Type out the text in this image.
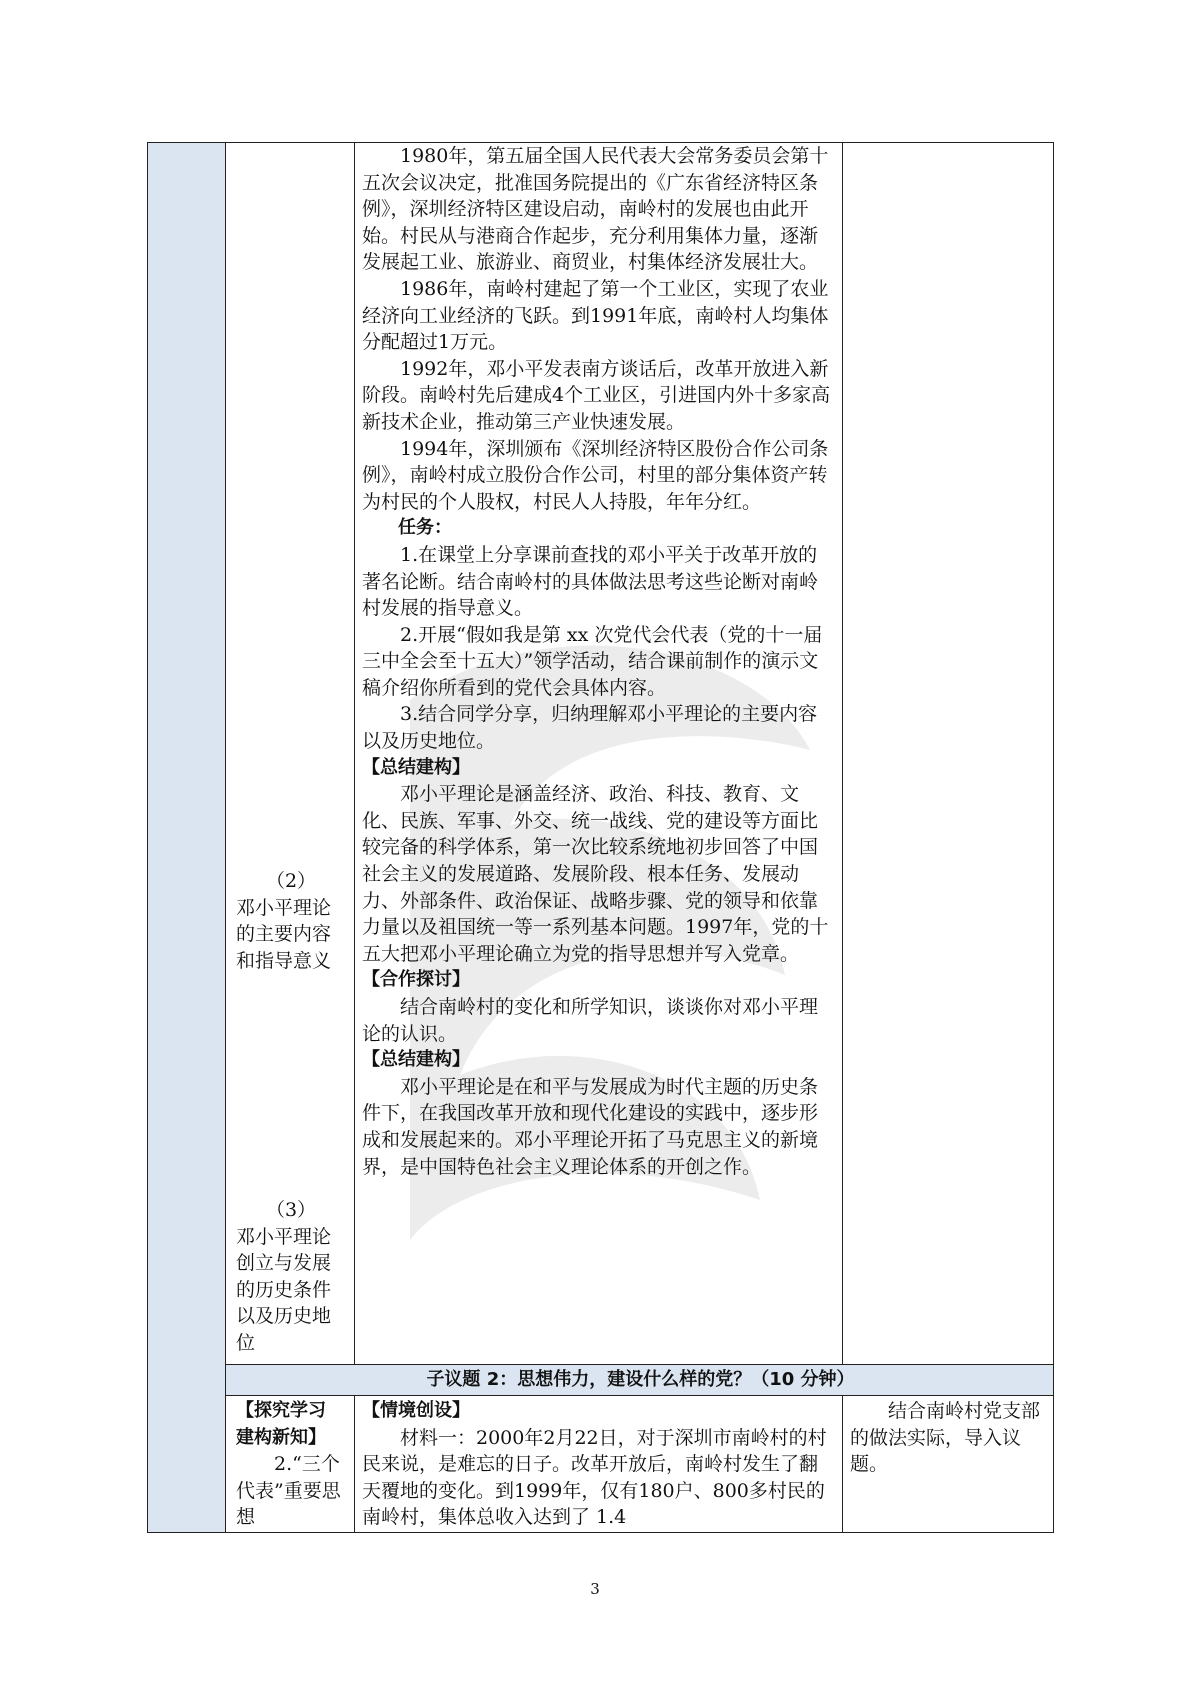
（2）

邓小平理论的主要内容和指导意义

（3）

邓小平理论创立与发展的历史条件以及历史地位

1980年，第五届全国人民代表大会常务委员会第十五次会议决定，批准国务院提出的《广东省经济特区条例》，深圳经济特区建设启动，南岭村的发展也由此开始。村民从与港商合作起步，充分利用集体力量，逐渐发展起工业、旅游业、商贸业，村集体经济发展壮大。

1986年，南岭村建起了第一个工业区，实现了农业经济向工业经济的飞跃。到1991年底，南岭村人均集体分配超过1万元。

1992年，邓小平发表南方谈话后，改革开放进入新阶段。南岭村先后建成4个工业区，引进国内外十多家高新技术企业，推动第三产业快速发展。

1994年，深圳颁布《深圳经济特区股份合作公司条例》，南岭村成立股份合作公司，村里的部分集体资产转为村民的个人股权，村民人人持股，年年分红。

任务：

1.在课堂上分享课前查找的邓小平关于改革开放的著名论断。结合南岭村的具体做法思考这些论断对南岭村发展的指导意义。

2.开展“假如我是第 xx 次党代会代表（党的十一届三中全会至十五大）”领学活动，结合课前制作的演示文稿介绍你所看到的党代会具体内容。

3.结合同学分享，归纳理解邓小平理论的主要内容以及历史地位。

【总结建构】

邓小平理论是涵盖经济、政治、科技、教育、文化、民族、军事、外交、统一战线、党的建设等方面比较完备的科学体系，第一次比较系统地初步回答了中国社会主义的发展道路、发展阶段、根本任务、发展动力、外部条件、政治保证、战略步骤、党的领导和依靠力量以及祖国统一等一系列基本问题。1997年，党的十五大把邓小平理论确立为党的指导思想并写入党章。

【合作探讨】

结合南岭村的变化和所学知识，谈谈你对邓小平理论的认识。

【总结建构】

邓小平理论是在和平与发展成为时代主题的历史条件下，在我国改革开放和现代化建设的实践中，逐步形成和发展起来的。邓小平理论开拓了马克思主义的新境界，是中国特色社会主义理论体系的开创之作。

子议题 2：思想伟力，建设什么样的党？（10 分钟）

【探究学习

建构新知】

2.“三个代表”重要思想

【情境创设】

材料一：2000年2月22日，对于深圳市南岭村的村民来说，是难忘的日子。改革开放后，南岭村发生了翻天覆地的变化。到1999年，仅有180户、800多村民的南岭村，集体总收入达到了 1.4

结合南岭村党支部的做法实际，导入议题。

3
